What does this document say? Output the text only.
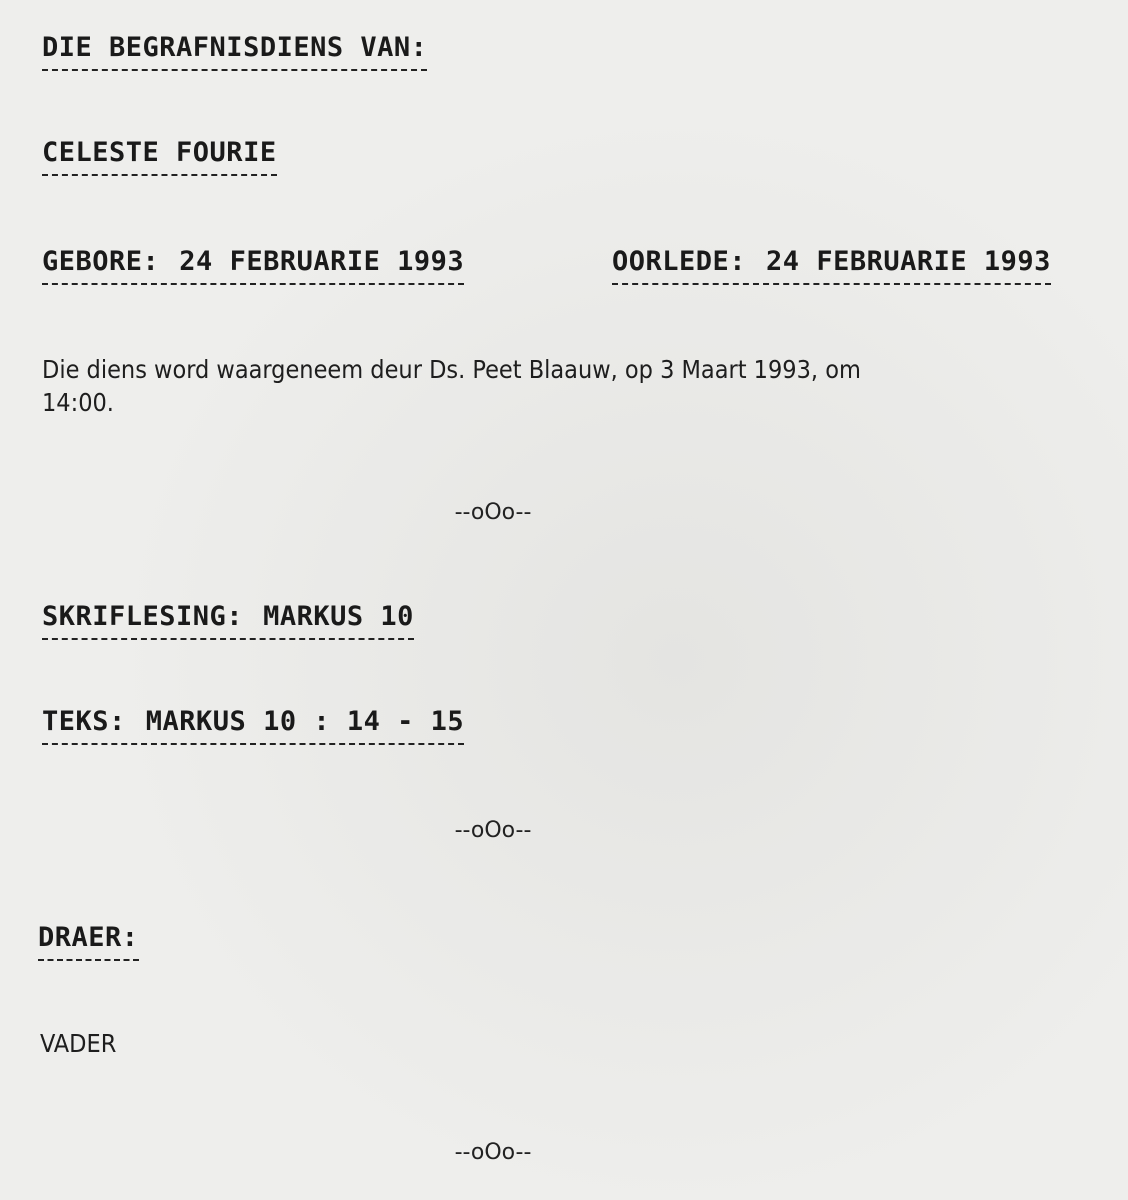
DIE BEGRAFNISDIENS VAN:
CELESTE FOURIE
GEBORE: 24 FEBRUARIE 1993	OORLEDE: 24 FEBRUARIE 1993
Die diens word waargeneem deur Ds. Peet Blaauw, op 3 Maart 1993, om
14:00.
--oOo--
SKRIFLESING: MARKUS 10
TEKS: MARKUS 10 : 14 - 15
--oOo--
DRAER:
VADER
--oOo--
